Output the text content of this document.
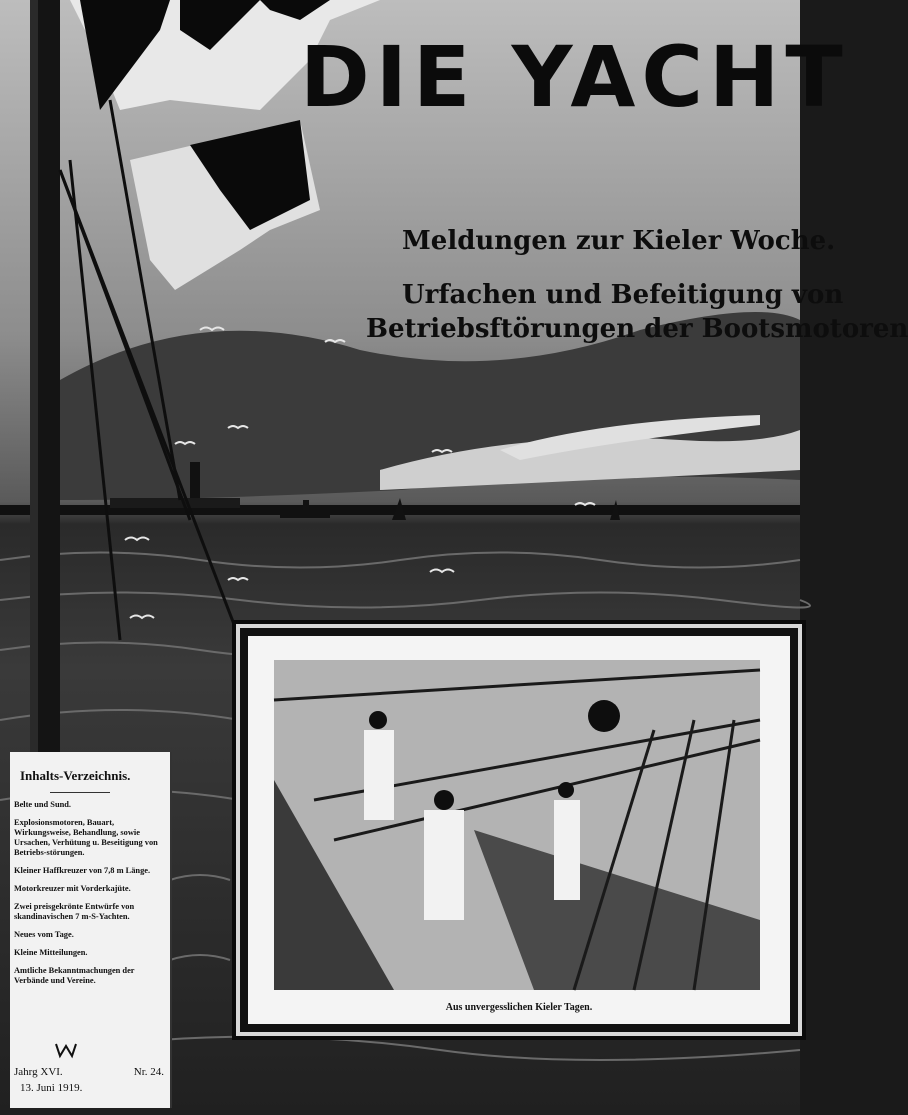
DIE YACHT
Meldungen zur Kieler Woche.
Urfachen und Befeitigung von
Betriebsftörungen der Bootsmotoren
Aus unvergesslichen Kieler Tagen.
Inhalts-Verzeichnis.
Belte und Sund.
Explosionsmotoren, Bauart, Wirkungsweise, Behandlung, sowie Ursachen, Verhütung u. Beseitigung von Betriebs-störungen.
Kleiner Haffkreuzer von 7,8 m Länge.
Motorkreuzer mit Vorderkajüte.
Zwei preisgekrönte Entwürfe von skandinavischen 7 m-S-Yachten.
Neues vom Tage.
Kleine Mitteilungen.
Amtliche Bekanntmachungen der Verbände und Vereine.
Jahrg XVI.	Nr. 24.
13. Juni 1919.
